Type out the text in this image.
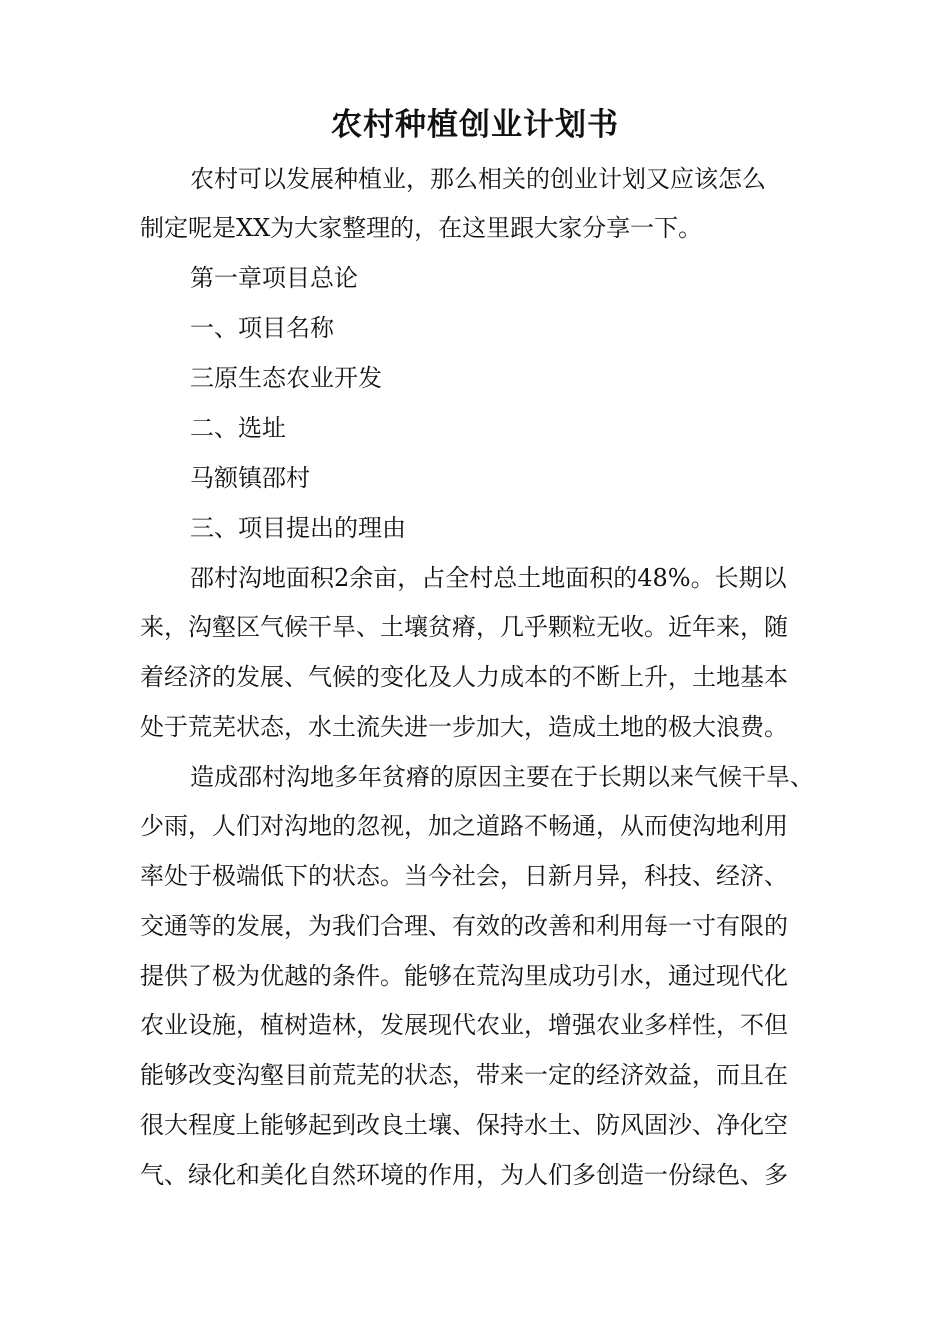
农村种植创业计划书
农村可以发展种植业，那么相关的创业计划又应该怎么
制定呢是XX为大家整理的，在这里跟大家分享一下。
第一章项目总论
一、项目名称
三原生态农业开发
二、选址
马额镇邵村
三、项目提出的理由
邵村沟地面积2余亩，占全村总土地面积的48%。长期以
来，沟壑区气候干旱、土壤贫瘠，几乎颗粒无收。近年来，随
着经济的发展、气候的变化及人力成本的不断上升，土地基本
处于荒芜状态，水土流失进一步加大，造成土地的极大浪费。
造成邵村沟地多年贫瘠的原因主要在于长期以来气候干旱、
少雨，人们对沟地的忽视，加之道路不畅通，从而使沟地利用
率处于极端低下的状态。当今社会，日新月异，科技、经济、
交通等的发展，为我们合理、有效的改善和利用每一寸有限的
提供了极为优越的条件。能够在荒沟里成功引水，通过现代化
农业设施，植树造林，发展现代农业，增强农业多样性，不但
能够改变沟壑目前荒芜的状态，带来一定的经济效益，而且在
很大程度上能够起到改良土壤、保持水土、防风固沙、净化空
气、绿化和美化自然环境的作用，为人们多创造一份绿色、多
